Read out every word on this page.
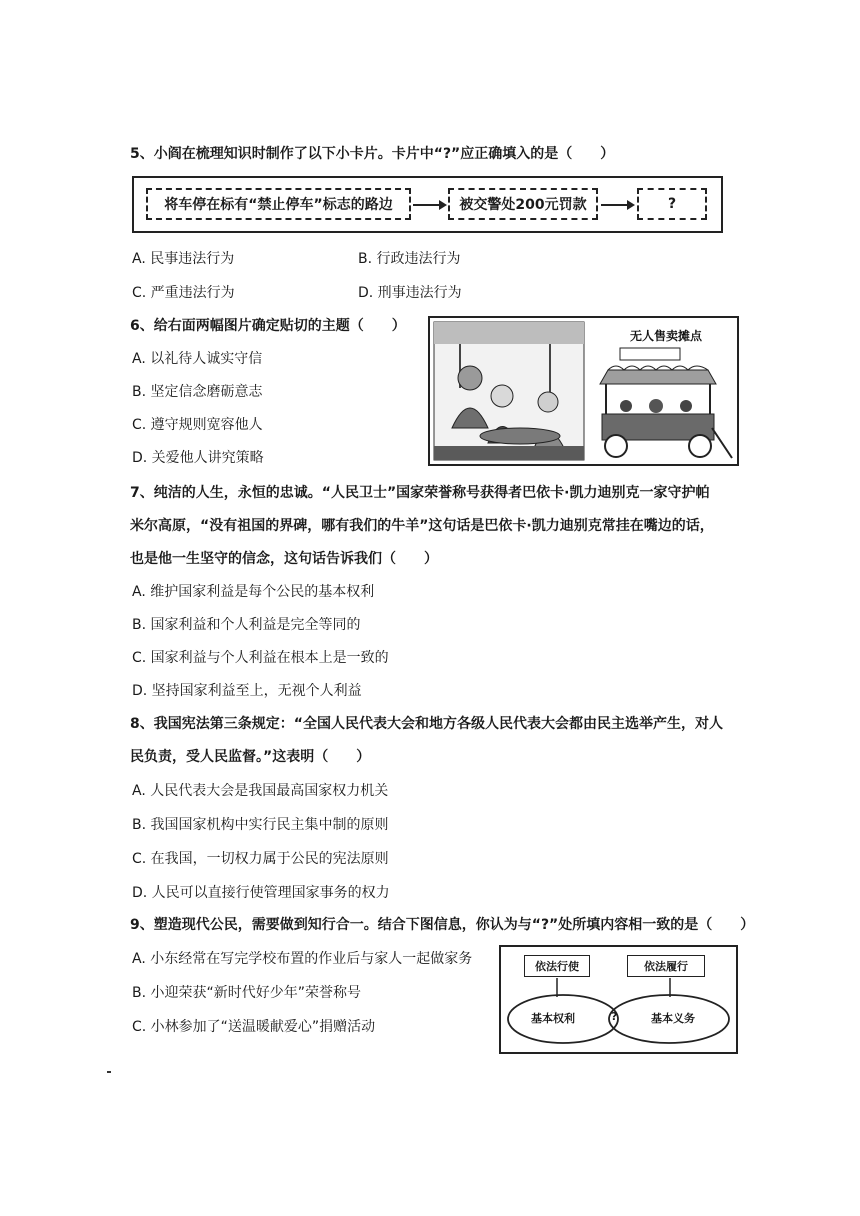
5、小阎在梳理知识时制作了以下小卡片。卡片中“?”应正确填入的是（　　）
将车停在标有“禁止停车”标志的路边	被交警处200元罚款	?
A. 民事违法行为	B. 行政违法行为
C. 严重违法行为	D. 刑事违法行为
6、给右面两幅图片确定贴切的主题（　　）
A. 以礼待人诚实守信
B. 坚定信念磨砺意志
C. 遵守规则宽容他人
D. 关爱他人讲究策略
无人售卖摊点
7、纯洁的人生，永恒的忠诚。“人民卫士”国家荣誉称号获得者巴依卡·凯力迪别克一家守护帕
米尔高原，“没有祖国的界碑，哪有我们的牛羊”这句话是巴依卡·凯力迪别克常挂在嘴边的话，
也是他一生坚守的信念，这句话告诉我们（　　）
A. 维护国家利益是每个公民的基本权利
B. 国家利益和个人利益是完全等同的
C. 国家利益与个人利益在根本上是一致的
D. 坚持国家利益至上，无视个人利益
8、我国宪法第三条规定：“全国人民代表大会和地方各级人民代表大会都由民主选举产生，对人
民负责，受人民监督。”这表明（　　）
A. 人民代表大会是我国最高国家权力机关
B. 我国国家机构中实行民主集中制的原则
C. 在我国，一切权力属于公民的宪法原则
D. 人民可以直接行使管理国家事务的权力
9、塑造现代公民，需要做到知行合一。结合下图信息，你认为与“?”处所填内容相一致的是（　　）
A. 小东经常在写完学校布置的作业后与家人一起做家务
B. 小迎荣获“新时代好少年”荣誉称号
C. 小林参加了“送温暖献爱心”捐赠活动
依法行使	依法履行
基本权利	基本义务
?
